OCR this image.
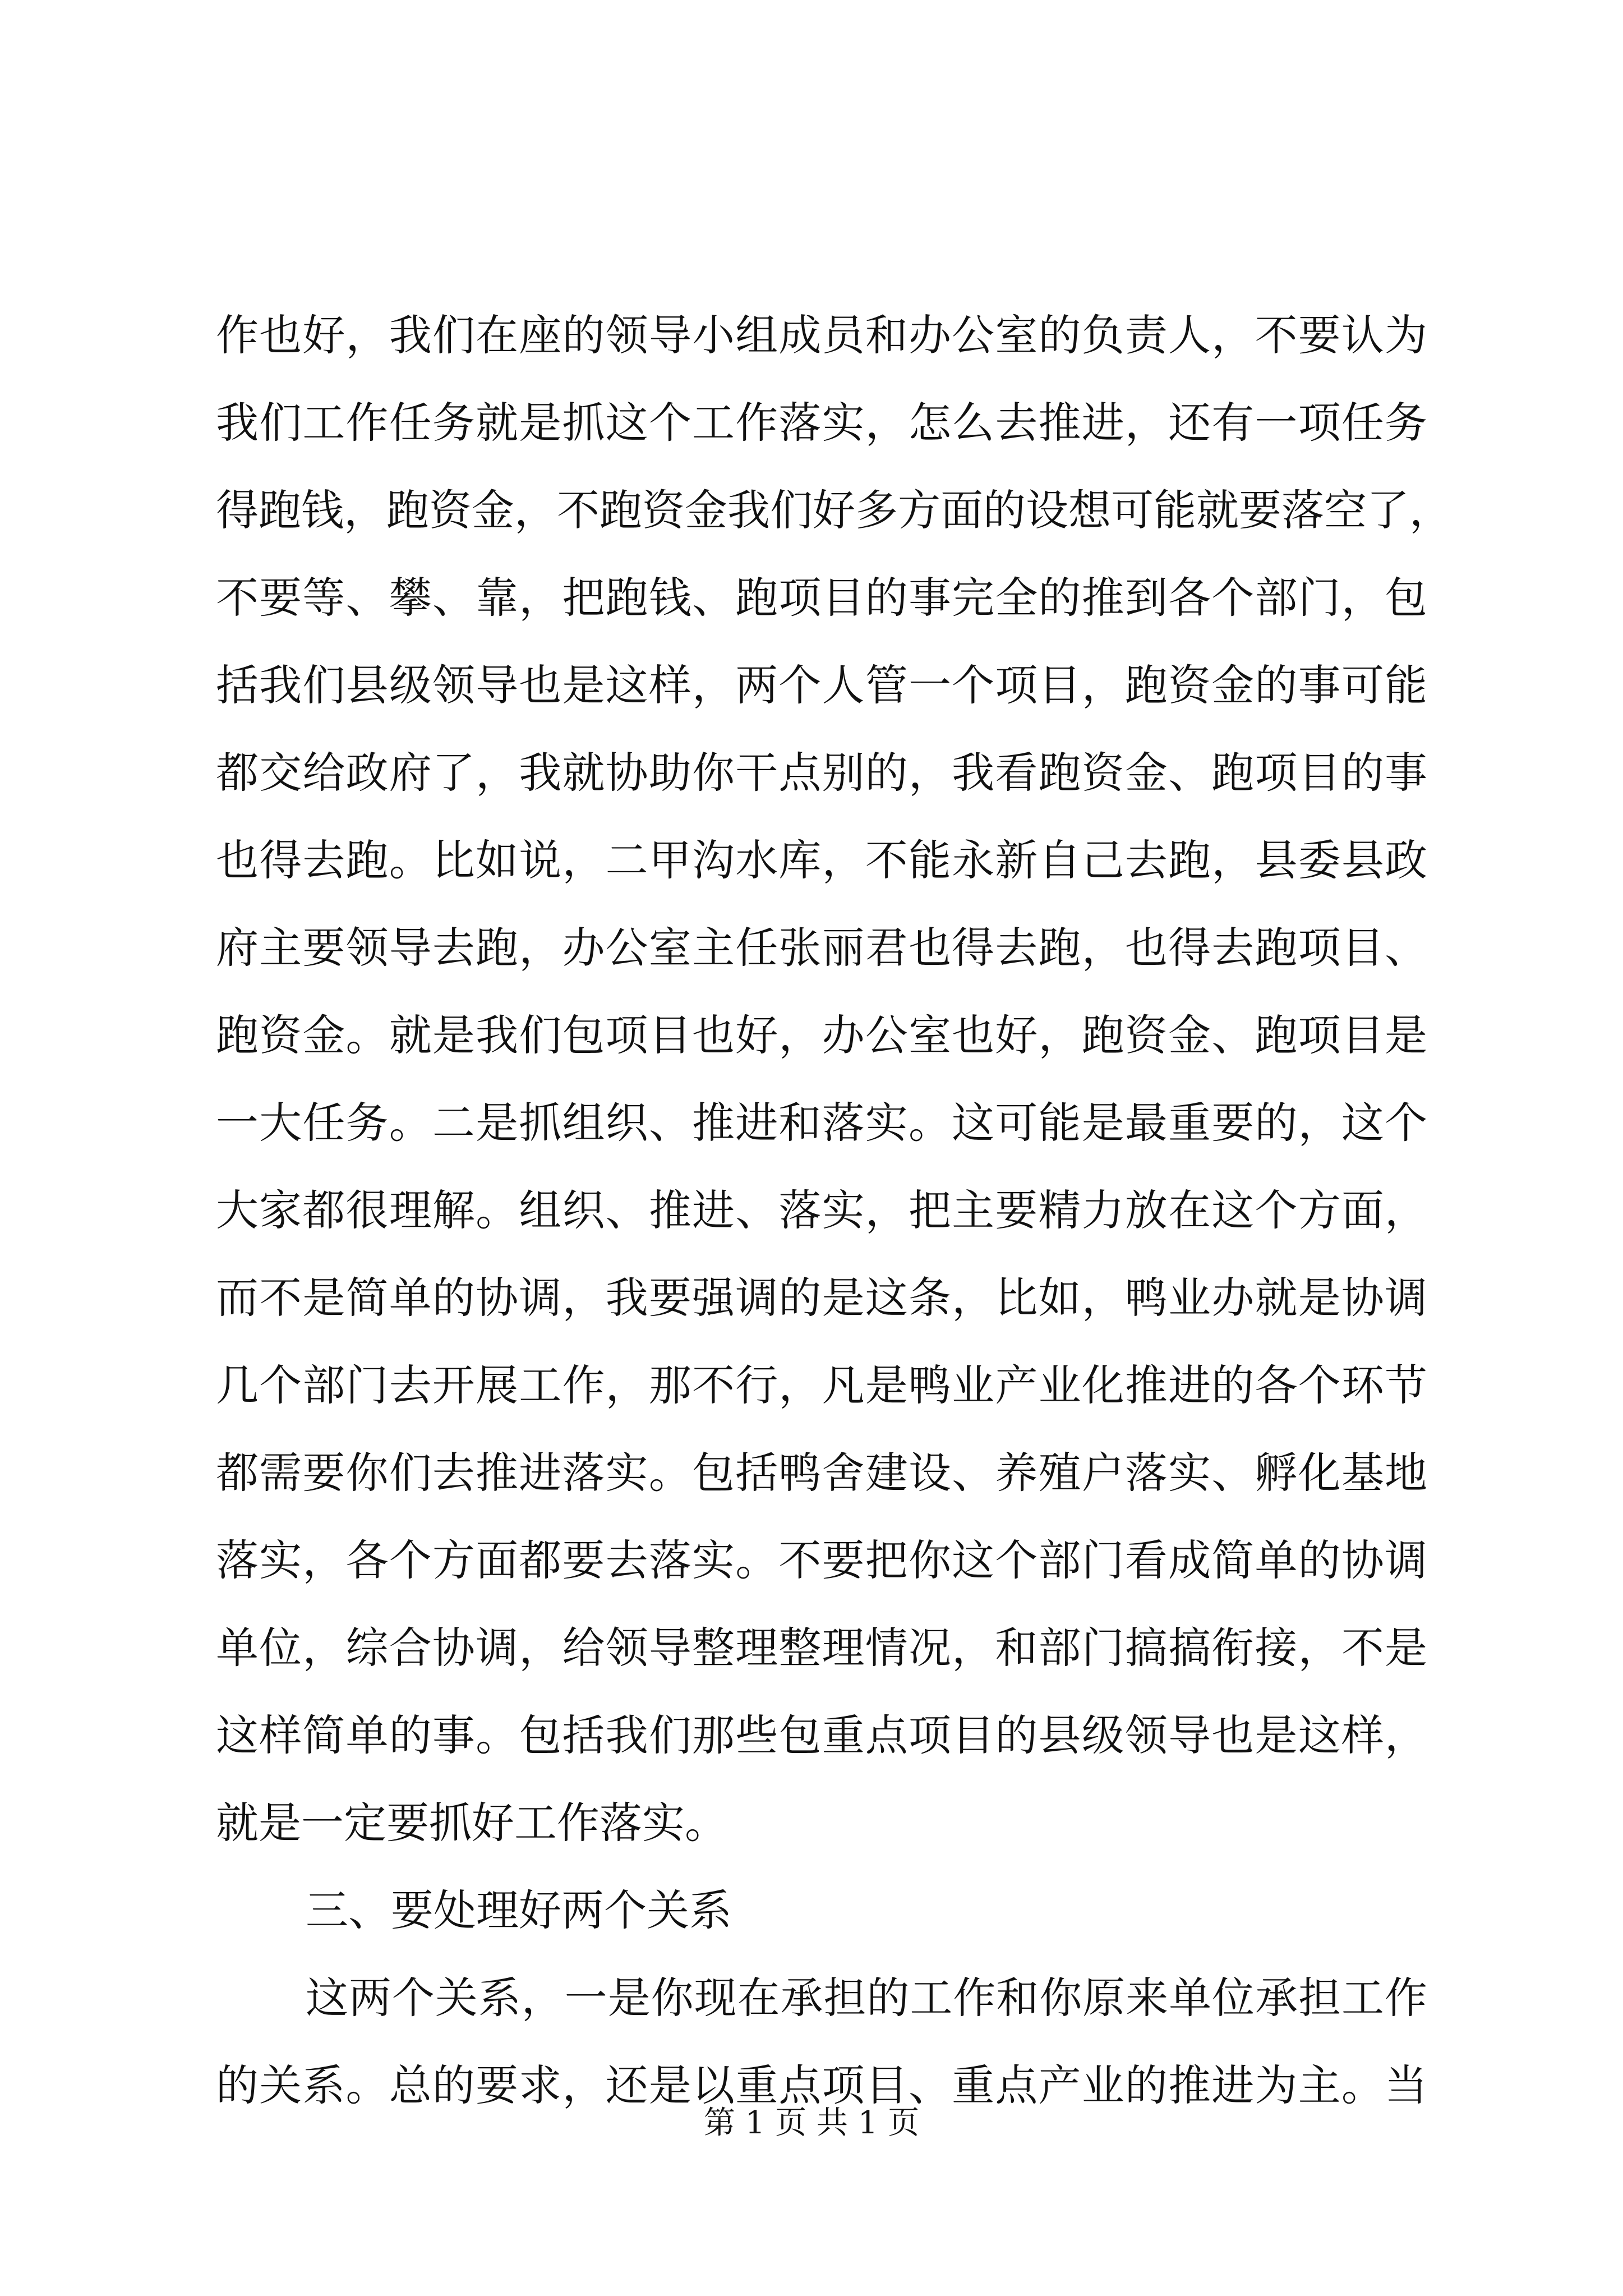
作也好，我们在座的领导小组成员和办公室的负责人，不要认为
我们工作任务就是抓这个工作落实，怎么去推进，还有一项任务
得跑钱，跑资金，不跑资金我们好多方面的设想可能就要落空了，
不要等、攀、靠，把跑钱、跑项目的事完全的推到各个部门，包
括我们县级领导也是这样，两个人管一个项目，跑资金的事可能
都交给政府了，我就协助你干点别的，我看跑资金、跑项目的事
也得去跑。比如说，二甲沟水库，不能永新自己去跑，县委县政
府主要领导去跑，办公室主任张丽君也得去跑，也得去跑项目、
跑资金。就是我们包项目也好，办公室也好，跑资金、跑项目是
一大任务。二是抓组织、推进和落实。这可能是最重要的，这个
大家都很理解。组织、推进、落实，把主要精力放在这个方面，
而不是简单的协调，我要强调的是这条，比如，鸭业办就是协调
几个部门去开展工作，那不行，凡是鸭业产业化推进的各个环节
都需要你们去推进落实。包括鸭舍建设、养殖户落实、孵化基地
落实，各个方面都要去落实。不要把你这个部门看成简单的协调
单位，综合协调，给领导整理整理情况，和部门搞搞衔接，不是
这样简单的事。包括我们那些包重点项目的县级领导也是这样，
就是一定要抓好工作落实。
三、要处理好两个关系
这两个关系，一是你现在承担的工作和你原来单位承担工作
的关系。总的要求，还是以重点项目、重点产业的推进为主。当
第 1 页 共 1 页
